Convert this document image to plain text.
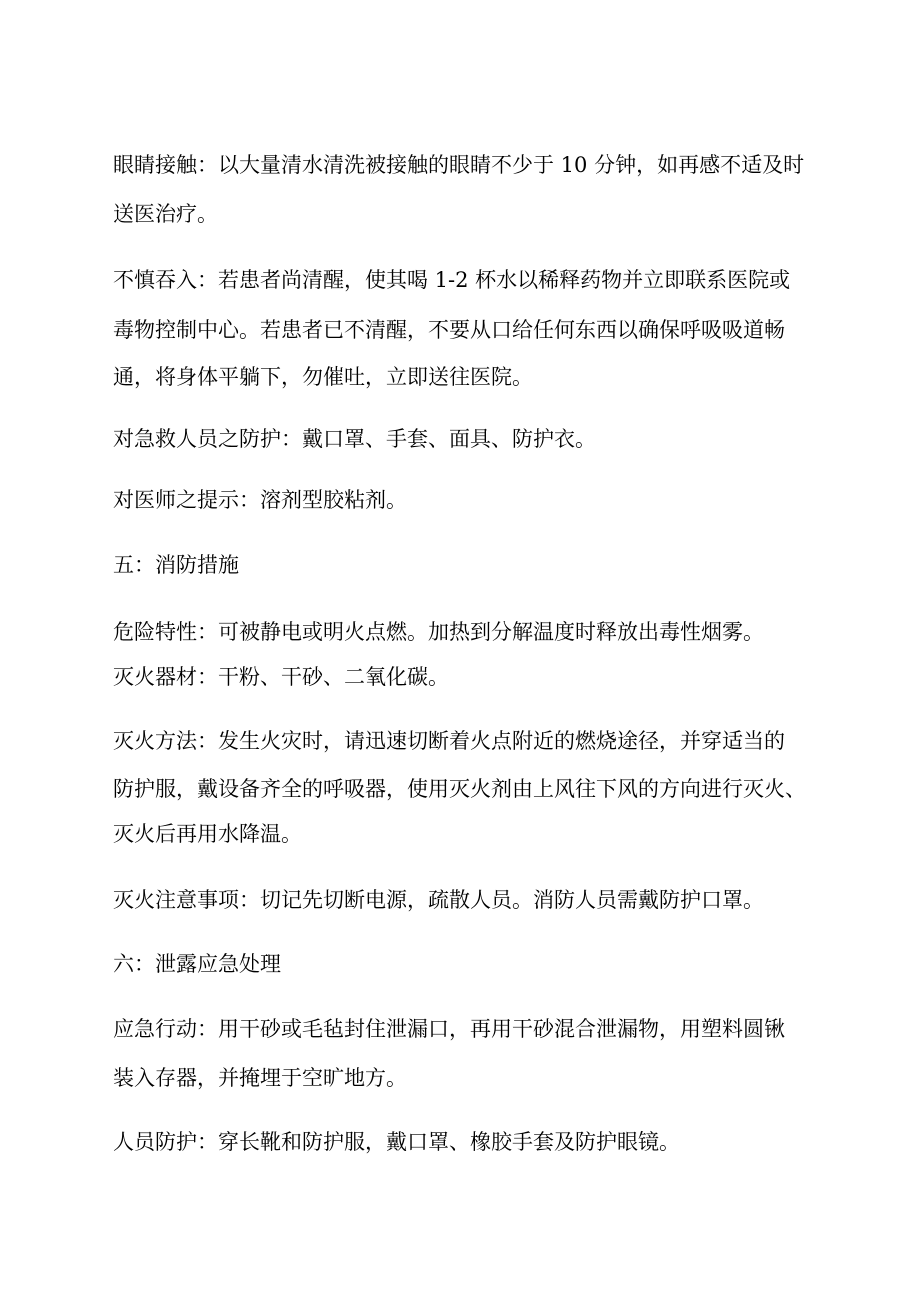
眼睛接触：以大量清水清洗被接触的眼睛不少于 10 分钟，如再感不适及时
送医治疗。
不慎吞入：若患者尚清醒，使其喝 1-2 杯水以稀释药物并立即联系医院或
毒物控制中心。若患者已不清醒，不要从口给任何东西以确保呼吸吸道畅
通，将身体平躺下，勿催吐，立即送往医院。
对急救人员之防护：戴口罩、手套、面具、防护衣。
对医师之提示：溶剂型胶粘剂。
五：消防措施
危险特性：可被静电或明火点燃。加热到分解温度时释放出毒性烟雾。
灭火器材：干粉、干砂、二氧化碳。
灭火方法：发生火灾时，请迅速切断着火点附近的燃烧途径，并穿适当的
防护服，戴设备齐全的呼吸器，使用灭火剂由上风往下风的方向进行灭火、
灭火后再用水降温。
灭火注意事项：切记先切断电源，疏散人员。消防人员需戴防护口罩。
六：泄露应急处理
应急行动：用干砂或毛毡封住泄漏口，再用干砂混合泄漏物，用塑料圆锹
装入存器，并掩埋于空旷地方。
人员防护：穿长靴和防护服，戴口罩、橡胶手套及防护眼镜。
